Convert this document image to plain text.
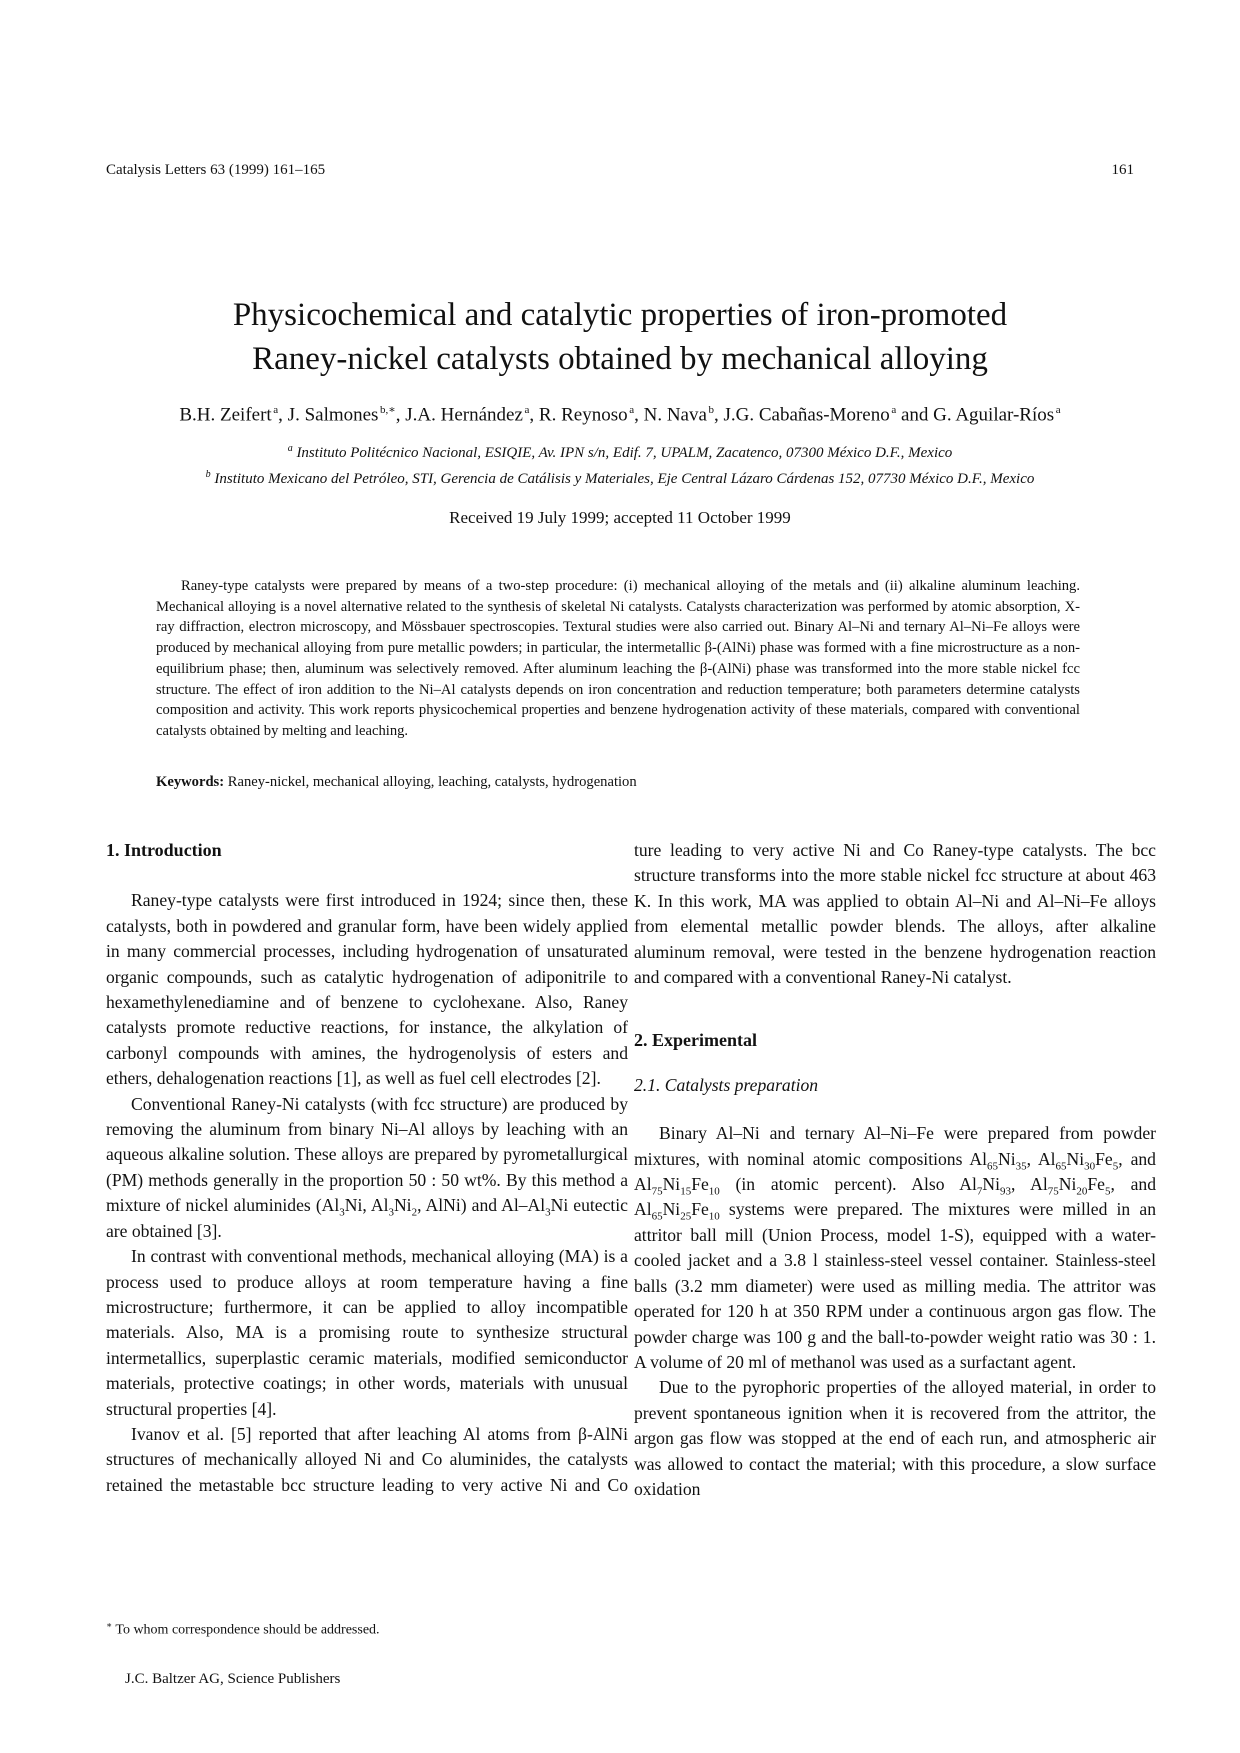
Catalysis Letters 63 (1999) 161–165	161
Physicochemical and catalytic properties of iron-promoted
Raney-nickel catalysts obtained by mechanical alloying
B.H. Zeifert  $^a$, J. Salmones  $^{b,∗}$, J.A. Hernández  $^a$, R. Reynoso  $^a$, N. Nava  $^b$, J.G. Cabañas-Moreno  $^a$ and G. Aguilar-Ríos  $^a$
$^a$ Instituto Politécnico Nacional, ESIQIE, Av. IPN s/n, Edif. 7, UPALM, Zacatenco, 07300 México D.F., Mexico
$^b$ Instituto Mexicano del Petróleo, STI, Gerencia de Catálisis y Materiales, Eje Central Lázaro Cárdenas 152, 07730 México D.F., Mexico
Received 19 July 1999; accepted 11 October 1999

Raney-type catalysts were prepared by means of a two-step procedure: (i) mechanical alloying of the metals and (ii) alkaline aluminum leaching. Mechanical alloying is a novel alternative related to the synthesis of skeletal Ni catalysts. Catalysts characterization was performed by atomic absorption, X-ray diffraction, electron microscopy, and Mössbauer spectroscopies. Textural studies were also carried out. Binary Al–Ni and ternary Al–Ni–Fe alloys were produced by mechanical alloying from pure metallic powders; in particular, the intermetallic β-(AlNi) phase was formed with a fine microstructure as a non-equilibrium phase; then, aluminum was selectively removed. After aluminum leaching the β-(AlNi) phase was transformed into the more stable nickel fcc structure. The effect of iron addition to the Ni–Al catalysts depends on iron concentration and reduction temperature; both parameters determine catalysts composition and activity. This work reports physicochemical properties and benzene hydrogenation activity of these materials, compared with conventional catalysts obtained by melting and leaching.

Keywords: Raney-nickel, mechanical alloying, leaching, catalysts, hydrogenation
1. Introduction

Raney-type catalysts were first introduced in 1924; since then, these catalysts, both in powdered and granular form, have been widely applied in many commercial processes, including hydrogenation of unsaturated organic compounds, such as catalytic hydrogenation of adiponitrile to hexamethylenediamine and of benzene to cyclohexane. Also, Raney catalysts promote reductive reactions, for instance, the alkylation of carbonyl compounds with amines, the hydrogenolysis of esters and ethers, dehalogenation reactions [1], as well as fuel cell electrodes [2].

Conventional Raney-Ni catalysts (with fcc structure) are produced by removing the aluminum from binary Ni–Al alloys by leaching with an aqueous alkaline solution. These alloys are prepared by pyrometallurgical (PM) methods generally in the proportion 50 : 50 wt%. By this method a mixture of nickel aluminides ($Al_3Ni$, $Al_3Ni_2$, AlNi) and $Al-Al_3Ni$ eutectic are obtained [3].

In contrast with conventional methods, mechanical alloying (MA) is a process used to produce alloys at room temperature having a fine microstructure; furthermore, it can be applied to alloy incompatible materials. Also, MA is a promising route to synthesize structural intermetallics, superplastic ceramic materials, modified semiconductor materials, protective coatings; in other words, materials with unusual structural properties [4].

Ivanov et al. [5] reported that after leaching Al atoms from β-AlNi structures of mechanically alloyed Ni and Co aluminides, the catalysts retained the metastable bcc structure leading to very active Ni and Co

ture leading to very active Ni and Co Raney-type catalysts. The bcc structure transforms into the more stable nickel fcc structure at about 463 K. In this work, MA was applied to obtain Al–Ni and Al–Ni–Fe alloys from elemental metallic powder blends. The alloys, after alkaline aluminum removal, were tested in the benzene hydrogenation reaction and compared with a conventional Raney-Ni catalyst.

2. Experimental
2.1. Catalysts preparation

Binary Al–Ni and ternary Al–Ni–Fe were prepared from powder mixtures, with nominal atomic compositions $Al_{65}Ni_{35}$, $Al_{65}Ni_{30}Fe_5$, and $Al_{75}Ni_{15}Fe_{10}$ (in atomic percent). Also $Al_7Ni_{93}$, $Al_{75}Ni_{20}Fe_5$, and $Al_{65}Ni_{25}Fe_{10}$ systems were prepared. The mixtures were milled in an attritor ball mill (Union Process, model 1-S), equipped with a water-cooled jacket and a 3.8 l stainless-steel vessel container. Stainless-steel balls (3.2 mm diameter) were used as milling media. The attritor was operated for 120 h at 350 RPM under a continuous argon gas flow. The powder charge was 100 g and the ball-to-powder weight ratio was 30 : 1. A volume of 20 ml of methanol was used as a surfactant agent.

Due to the pyrophoric properties of the alloyed material, in order to prevent spontaneous ignition when it is recovered from the attritor, the argon gas flow was stopped at the end of each run, and atmospheric air was allowed to contact the material; with this procedure, a slow surface oxidation

∗ To whom correspondence should be addressed.
J.C. Baltzer AG, Science Publishers
